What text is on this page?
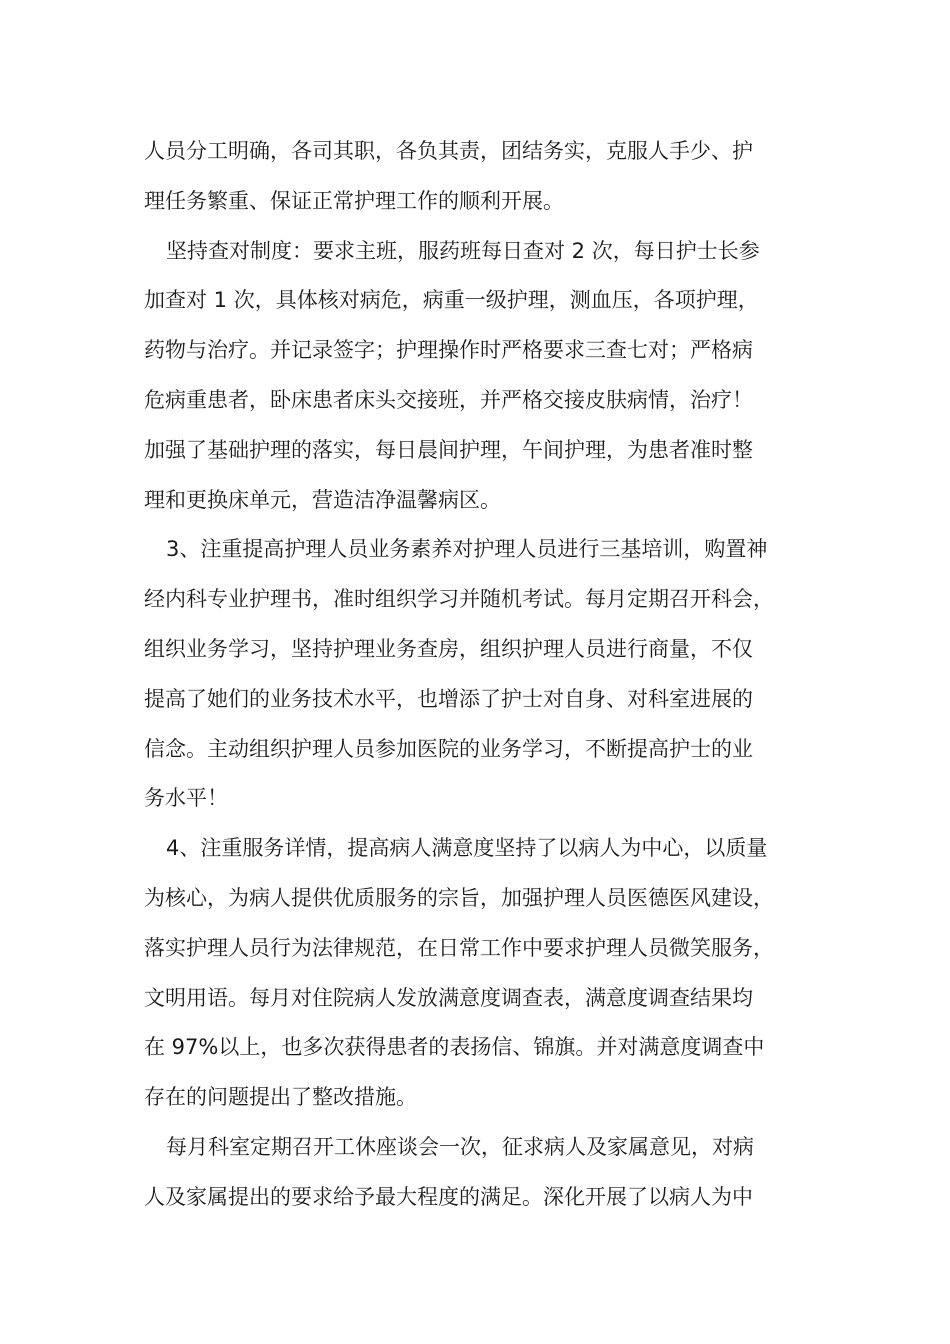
人员分工明确，各司其职，各负其责，团结务实，克服人手少、护
理任务繁重、保证正常护理工作的顺利开展。
坚持查对制度：要求主班，服药班每日查对 2 次，每日护士长参
加查对 1 次，具体核对病危，病重一级护理，测血压，各项护理，
药物与治疗。并记录签字；护理操作时严格要求三查七对；严格病
危病重患者，卧床患者床头交接班，并严格交接皮肤病情，治疗！
加强了基础护理的落实，每日晨间护理，午间护理，为患者准时整
理和更换床单元，营造洁净温馨病区。
3、注重提高护理人员业务素养对护理人员进行三基培训，购置神
经内科专业护理书，准时组织学习并随机考试。每月定期召开科会，
组织业务学习，坚持护理业务查房，组织护理人员进行商量，不仅
提高了她们的业务技术水平，也增添了护士对自身、对科室进展的
信念。主动组织护理人员参加医院的业务学习，不断提高护士的业
务水平！
4、注重服务详情，提高病人满意度坚持了以病人为中心，以质量
为核心，为病人提供优质服务的宗旨，加强护理人员医德医风建设，
落实护理人员行为法律规范，在日常工作中要求护理人员微笑服务，
文明用语。每月对住院病人发放满意度调查表，满意度调查结果均
在 97%以上，也多次获得患者的表扬信、锦旗。并对满意度调查中
存在的问题提出了整改措施。
每月科室定期召开工休座谈会一次，征求病人及家属意见，对病
人及家属提出的要求给予最大程度的满足。深化开展了以病人为中
